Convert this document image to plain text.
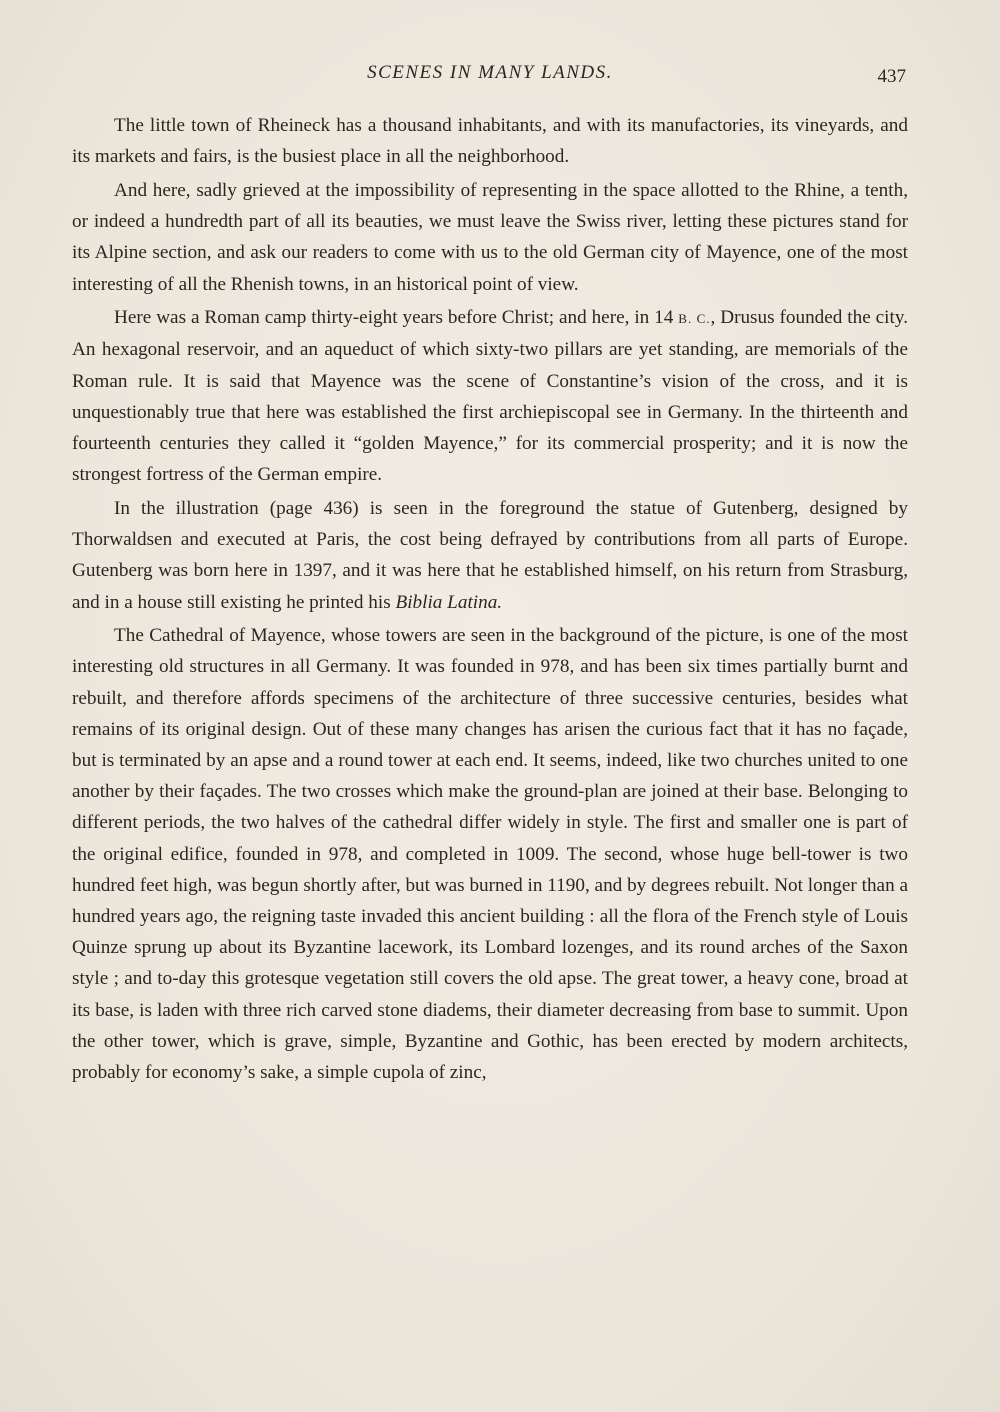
SCENES IN MANY LANDS.	437

The little town of Rheineck has a thousand inhabitants, and with its manufactories, its vineyards, and its markets and fairs, is the busiest place in all the neighborhood.

And here, sadly grieved at the impossibility of representing in the space allotted to the Rhine, a tenth, or indeed a hundredth part of all its beauties, we must leave the Swiss river, letting these pictures stand for its Alpine section, and ask our readers to come with us to the old German city of Mayence, one of the most interesting of all the Rhenish towns, in an historical point of view.

Here was a Roman camp thirty-eight years before Christ; and here, in 14 B. C., Drusus founded the city. An hexagonal reservoir, and an aqueduct of which sixty-two pillars are yet standing, are memorials of the Roman rule. It is said that Mayence was the scene of Constantine’s vision of the cross, and it is unquestionably true that here was established the first archiepiscopal see in Germany. In the thirteenth and fourteenth centuries they called it “golden Mayence,” for its commercial prosperity; and it is now the strongest fortress of the German empire.

In the illustration (page 436) is seen in the foreground the statue of Gutenberg, designed by Thorwaldsen and executed at Paris, the cost being defrayed by contributions from all parts of Europe. Gutenberg was born here in 1397, and it was here that he established himself, on his return from Strasburg, and in a house still existing he printed his Biblia Latina.

The Cathedral of Mayence, whose towers are seen in the background of the picture, is one of the most interesting old structures in all Germany. It was founded in 978, and has been six times partially burnt and rebuilt, and therefore affords specimens of the architecture of three successive centuries, besides what remains of its original design. Out of these many changes has arisen the curious fact that it has no façade, but is terminated by an apse and a round tower at each end. It seems, indeed, like two churches united to one another by their façades. The two crosses which make the ground-plan are joined at their base. Belonging to different periods, the two halves of the cathedral differ widely in style. The first and smaller one is part of the original edifice, founded in 978, and completed in 1009. The second, whose huge bell-tower is two hundred feet high, was begun shortly after, but was burned in 1190, and by degrees rebuilt. Not longer than a hundred years ago, the reigning taste invaded this ancient building : all the flora of the French style of Louis Quinze sprung up about its Byzantine lacework, its Lombard lozenges, and its round arches of the Saxon style ; and to-day this grotesque vegetation still covers the old apse. The great tower, a heavy cone, broad at its base, is laden with three rich carved stone diadems, their diameter decreasing from base to summit. Upon the other tower, which is grave, simple, Byzantine and Gothic, has been erected by modern architects, probably for economy’s sake, a simple cupola of zinc,
